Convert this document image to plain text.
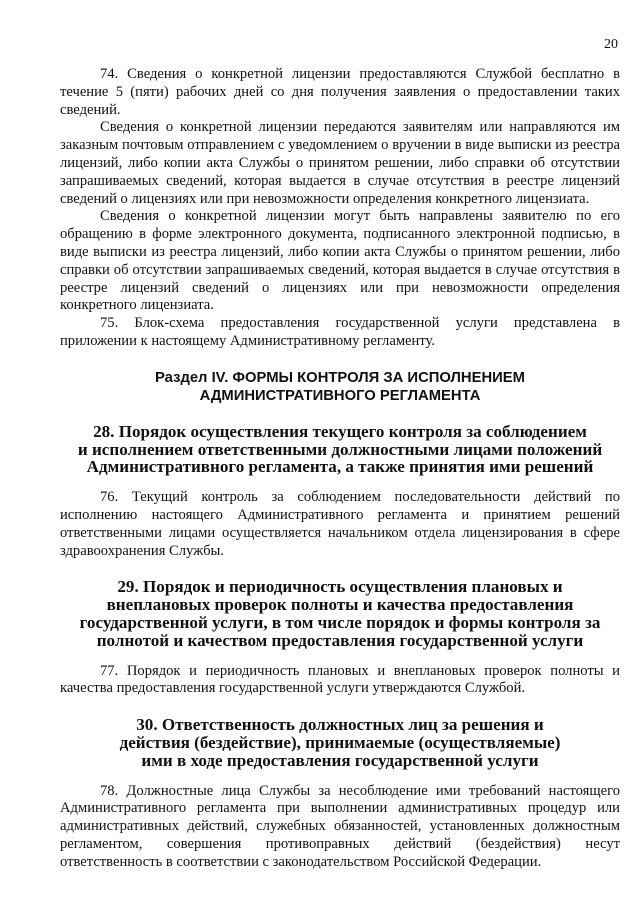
20

74. Сведения о конкретной лицензии предоставляются Службой бесплатно в течение 5 (пяти) рабочих дней со дня получения заявления о предоставлении таких сведений.

Сведения о конкретной лицензии передаются заявителям или направляются им заказным почтовым отправлением с уведомлением о вручении в виде выписки из реестра лицензий, либо копии акта Службы о принятом решении, либо справки об отсутствии запрашиваемых сведений, которая выдается в случае отсутствия в реестре лицензий сведений о лицензиях или при невозможности определения конкретного лицензиата.

Сведения о конкретной лицензии могут быть направлены заявителю по его обращению в форме электронного документа, подписанного электронной подписью, в виде выписки из реестра лицензий, либо копии акта Службы о принятом решении, либо справки об отсутствии запрашиваемых сведений, которая выдается в случае отсутствия в реестре лицензий сведений о лицензиях или при невозможности определения конкретного лицензиата.

75. Блок-схема предоставления государственной услуги представлена в приложении к настоящему Административному регламенту.

Раздел IV. ФОРМЫ КОНТРОЛЯ ЗА ИСПОЛНЕНИЕМ
АДМИНИСТРАТИВНОГО РЕГЛАМЕНТА
28. Порядок осуществления текущего контроля за соблюдением
и исполнением ответственными должностными лицами положений
Административного регламента, а также принятия ими решений

76. Текущий контроль за соблюдением последовательности действий по исполнению настоящего Административного регламента и принятием решений ответственными лицами осуществляется начальником отдела лицензирования в сфере здравоохранения Службы.

29. Порядок и периодичность осуществления плановых и
внеплановых проверок полноты и качества предоставления
государственной услуги, в том числе порядок и формы контроля за
полнотой и качеством предоставления государственной услуги

77. Порядок и периодичность плановых и внеплановых проверок полноты и качества предоставления государственной услуги утверждаются Службой.

30. Ответственность должностных лиц за решения и
действия (бездействие), принимаемые (осуществляемые)
ими в ходе предоставления государственной услуги

78. Должностные лица Службы за несоблюдение ими требований настоящего Административного регламента при выполнении административных процедур или административных действий, служебных обязанностей, установленных должностным регламентом, совершения противоправных действий (бездействия) несут ответственность в соответствии с законодательством Российской Федерации.
